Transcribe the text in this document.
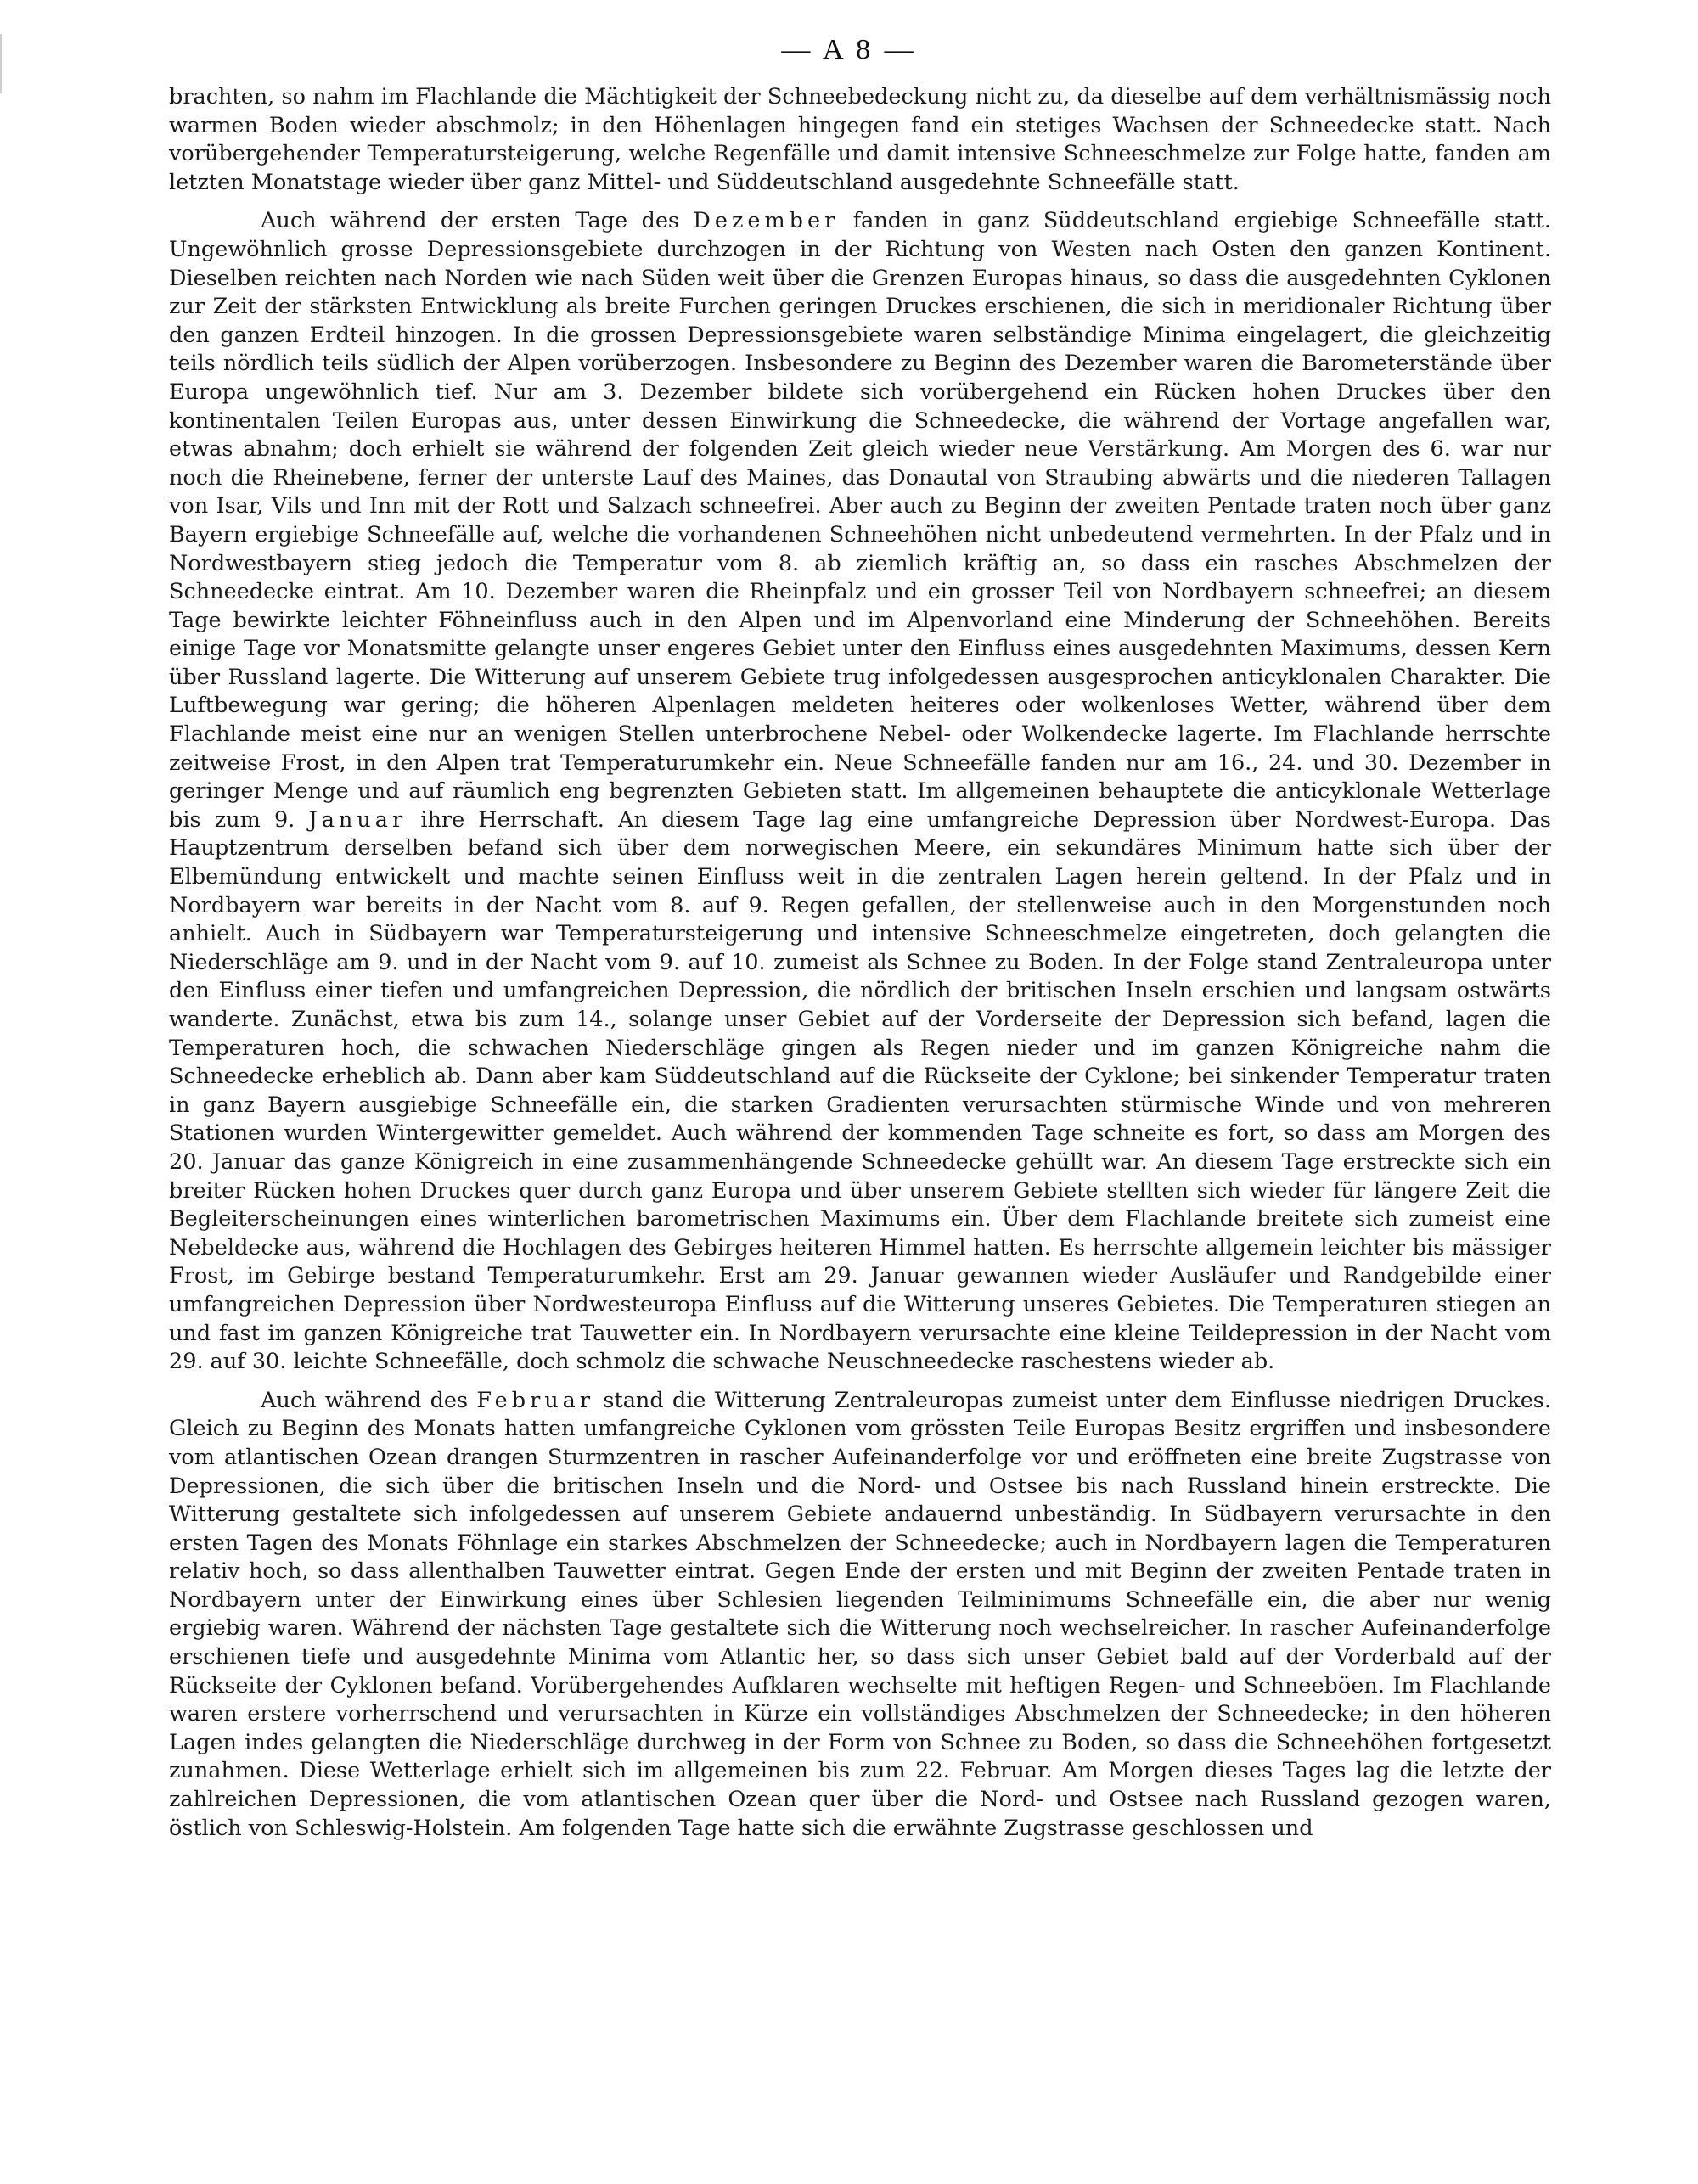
— A 8 —

brachten, so nahm im Flachlande die Mächtigkeit der Schneebedeckung nicht zu, da dieselbe auf dem verhältnismässig noch warmen Boden wieder abschmolz; in den Höhenlagen hingegen fand ein stetiges Wachsen der Schneedecke statt. Nach vorübergehender Temperatursteigerung, welche Regenfälle und damit intensive Schneeschmelze zur Folge hatte, fanden am letzten Monatstage wieder über ganz Mittel- und Süddeutschland ausgedehnte Schneefälle statt.

Auch während der ersten Tage des Dezember fanden in ganz Süddeutschland ergiebige Schneefälle statt. Ungewöhnlich grosse Depressionsgebiete durchzogen in der Richtung von Westen nach Osten den ganzen Kontinent. Dieselben reichten nach Norden wie nach Süden weit über die Grenzen Europas hinaus, so dass die ausgedehnten Cyklonen zur Zeit der stärksten Entwicklung als breite Furchen geringen Druckes erschienen, die sich in meridionaler Richtung über den ganzen Erdteil hinzogen. In die grossen Depressionsgebiete waren selbständige Minima eingelagert, die gleichzeitig teils nördlich teils südlich der Alpen vorüberzogen. Insbesondere zu Beginn des Dezember waren die Barometerstände über Europa ungewöhnlich tief. Nur am 3. Dezember bildete sich vorübergehend ein Rücken hohen Druckes über den kontinentalen Teilen Europas aus, unter dessen Einwirkung die Schneedecke, die während der Vortage angefallen war, etwas abnahm; doch erhielt sie während der folgenden Zeit gleich wieder neue Verstärkung. Am Morgen des 6. war nur noch die Rheinebene, ferner der unterste Lauf des Maines, das Donautal von Straubing abwärts und die niederen Tallagen von Isar, Vils und Inn mit der Rott und Salzach schneefrei. Aber auch zu Beginn der zweiten Pentade traten noch über ganz Bayern ergiebige Schneefälle auf, welche die vorhandenen Schneehöhen nicht unbedeutend vermehrten. In der Pfalz und in Nordwestbayern stieg jedoch die Temperatur vom 8. ab ziemlich kräftig an, so dass ein rasches Abschmelzen der Schneedecke eintrat. Am 10. Dezember waren die Rheinpfalz und ein grosser Teil von Nordbayern schneefrei; an diesem Tage bewirkte leichter Föhneinfluss auch in den Alpen und im Alpenvorland eine Minderung der Schneehöhen. Bereits einige Tage vor Monatsmitte gelangte unser engeres Gebiet unter den Einfluss eines ausgedehnten Maximums, dessen Kern über Russland lagerte. Die Witterung auf unserem Gebiete trug infolgedessen ausgesprochen anticyklonalen Charakter. Die Luftbewegung war gering; die höheren Alpenlagen meldeten heiteres oder wolkenloses Wetter, während über dem Flachlande meist eine nur an wenigen Stellen unterbrochene Nebel- oder Wolkendecke lagerte. Im Flachlande herrschte zeitweise Frost, in den Alpen trat Temperaturumkehr ein. Neue Schneefälle fanden nur am 16., 24. und 30. Dezember in geringer Menge und auf räumlich eng begrenzten Gebieten statt. Im allgemeinen behauptete die anticyklonale Wetterlage bis zum 9. Januar ihre Herrschaft. An diesem Tage lag eine umfangreiche Depression über Nordwest-Europa. Das Hauptzentrum derselben befand sich über dem norwegischen Meere, ein sekundäres Minimum hatte sich über der Elbemündung entwickelt und machte seinen Einfluss weit in die zentralen Lagen herein geltend. In der Pfalz und in Nordbayern war bereits in der Nacht vom 8. auf 9. Regen gefallen, der stellenweise auch in den Morgenstunden noch anhielt. Auch in Südbayern war Temperatursteigerung und intensive Schneeschmelze eingetreten, doch gelangten die Niederschläge am 9. und in der Nacht vom 9. auf 10. zumeist als Schnee zu Boden. In der Folge stand Zentraleuropa unter den Einfluss einer tiefen und umfangreichen Depression, die nördlich der britischen Inseln erschien und langsam ostwärts wanderte. Zunächst, etwa bis zum 14., solange unser Gebiet auf der Vorderseite der Depression sich befand, lagen die Temperaturen hoch, die schwachen Niederschläge gingen als Regen nieder und im ganzen Königreiche nahm die Schneedecke erheblich ab. Dann aber kam Süddeutschland auf die Rückseite der Cyklone; bei sinkender Temperatur traten in ganz Bayern ausgiebige Schneefälle ein, die starken Gradienten verursachten stürmische Winde und von mehreren Stationen wurden Wintergewitter gemeldet. Auch während der kommenden Tage schneite es fort, so dass am Morgen des 20. Januar das ganze Königreich in eine zusammenhängende Schneedecke gehüllt war. An diesem Tage erstreckte sich ein breiter Rücken hohen Druckes quer durch ganz Europa und über unserem Gebiete stellten sich wieder für längere Zeit die Begleiterscheinungen eines winterlichen barometrischen Maximums ein. Über dem Flachlande breitete sich zumeist eine Nebeldecke aus, während die Hochlagen des Gebirges heiteren Himmel hatten. Es herrschte allgemein leichter bis mässiger Frost, im Gebirge bestand Temperaturumkehr. Erst am 29. Januar gewannen wieder Ausläufer und Randgebilde einer umfangreichen Depression über Nordwesteuropa Einfluss auf die Witterung unseres Gebietes. Die Temperaturen stiegen an und fast im ganzen Königreiche trat Tauwetter ein. In Nordbayern verursachte eine kleine Teildepression in der Nacht vom 29. auf 30. leichte Schneefälle, doch schmolz die schwache Neuschneedecke raschestens wieder ab.

Auch während des Februar stand die Witterung Zentraleuropas zumeist unter dem Einflusse niedrigen Druckes. Gleich zu Beginn des Monats hatten umfangreiche Cyklonen vom grössten Teile Europas Besitz ergriffen und insbesondere vom atlantischen Ozean drangen Sturmzentren in rascher Aufeinanderfolge vor und eröffneten eine breite Zugstrasse von Depressionen, die sich über die britischen Inseln und die Nord- und Ostsee bis nach Russland hinein erstreckte. Die Witterung gestaltete sich infolgedessen auf unserem Gebiete andauernd unbeständig. In Südbayern verursachte in den ersten Tagen des Monats Föhnlage ein starkes Abschmelzen der Schneedecke; auch in Nordbayern lagen die Temperaturen relativ hoch, so dass allenthalben Tauwetter eintrat. Gegen Ende der ersten und mit Beginn der zweiten Pentade traten in Nordbayern unter der Einwirkung eines über Schlesien liegenden Teilminimums Schneefälle ein, die aber nur wenig ergiebig waren. Während der nächsten Tage gestaltete sich die Witterung noch wechselreicher. In rascher Aufeinanderfolge erschienen tiefe und ausgedehnte Minima vom Atlantic her, so dass sich unser Gebiet bald auf der Vorderbald auf der Rückseite der Cyklonen befand. Vorübergehendes Aufklaren wechselte mit heftigen Regen- und Schneeböen. Im Flachlande waren erstere vorherrschend und verursachten in Kürze ein vollständiges Abschmelzen der Schneedecke; in den höheren Lagen indes gelangten die Niederschläge durchweg in der Form von Schnee zu Boden, so dass die Schneehöhen fortgesetzt zunahmen. Diese Wetterlage erhielt sich im allgemeinen bis zum 22. Februar. Am Morgen dieses Tages lag die letzte der zahlreichen Depressionen, die vom atlantischen Ozean quer über die Nord- und Ostsee nach Russland gezogen waren, östlich von Schleswig-Holstein. Am folgenden Tage hatte sich die erwähnte Zugstrasse geschlossen und
